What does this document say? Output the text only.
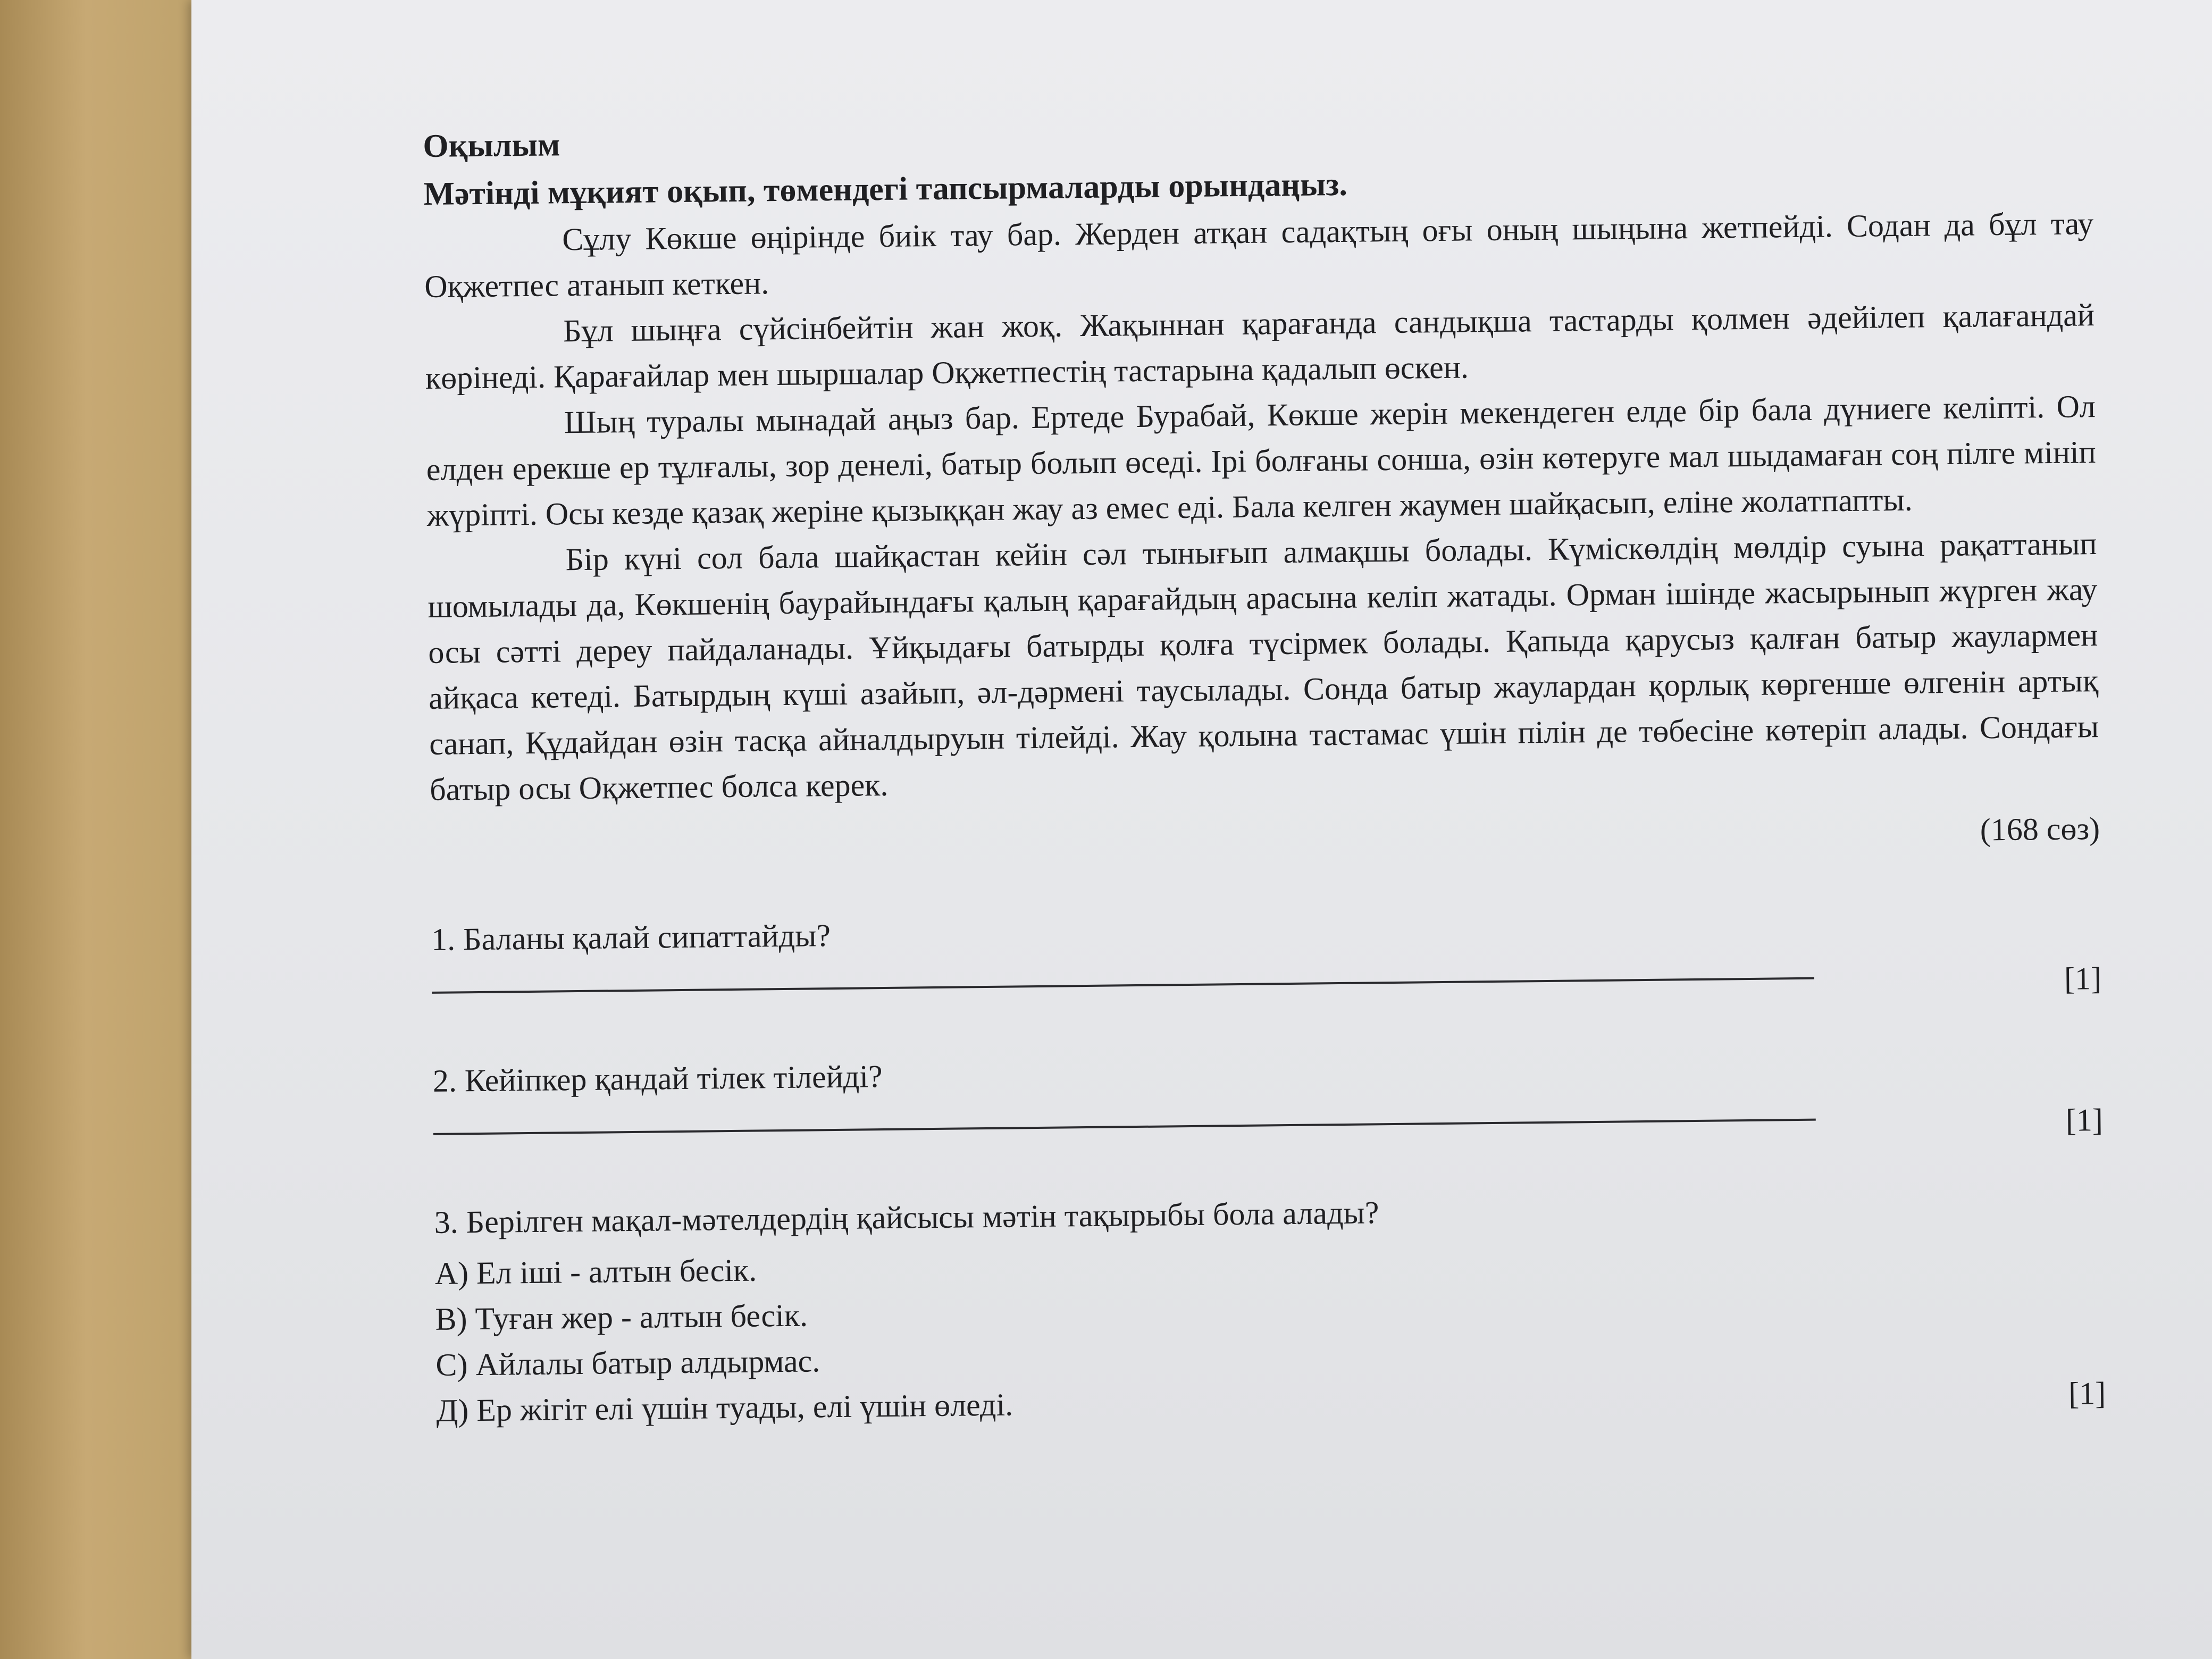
Оқылым
Мәтінді мұқият оқып, төмендегі тапсырмаларды орындаңыз.

Сұлу Көкше өңірінде биік тау бар. Жерден атқан садақтың оғы оның шыңына жетпейді. Содан да бұл тау Оқжетпес атанып кеткен.

Бұл шыңға сүйсінбейтін жан жоқ. Жақыннан қарағанда сандықша тастарды қолмен әдейілеп қалағандай көрінеді. Қарағайлар мен шыршалар Оқжетпестің тастарына қадалып өскен.

Шың туралы мынадай аңыз бар. Ертеде Бурабай, Көкше жерін мекендеген елде бір бала дүниеге келіпті. Ол елден ерекше ер тұлғалы, зор денелі, батыр болып өседі. Ірі болғаны сонша, өзін көтеруге мал шыдамаған соң пілге мініп жүріпті. Осы кезде қазақ жеріне қызыққан жау аз емес еді. Бала келген жаумен шайқасып, еліне жолатпапты.

Бір күні сол бала шайқастан кейін сәл тынығып алмақшы болады. Күміскөлдің мөлдір суына рақаттанып шомылады да, Көкшенің баурайындағы қалың қарағайдың арасына келіп жатады. Орман ішінде жасырынып жүрген жау осы сәтті дереу пайдаланады. Ұйқыдағы батырды қолға түсірмек болады. Қапыда қарусыз қалған батыр жаулармен айқаса кетеді. Батырдың күші азайып, әл-дәрмені таусылады. Сонда батыр жаулардан қорлық көргенше өлгенін артық санап, Құдайдан өзін тасқа айналдыруын тілейді. Жау қолына тастамас үшін пілін де төбесіне көтеріп алады. Сондағы батыр осы Оқжетпес болса керек.

(168 сөз)
1. Баланы қалай сипаттайды?
[1]
2. Кейіпкер қандай тілек тілейді?
[1]
3. Берілген мақал-мәтелдердің қайсысы мәтін тақырыбы бола алады?
А) Ел іші - алтын бесік.
В) Туған жер - алтын бесік.
С) Айлалы батыр алдырмас.
Д) Ер жігіт елі үшін туады, елі үшін өледі.	[1]
